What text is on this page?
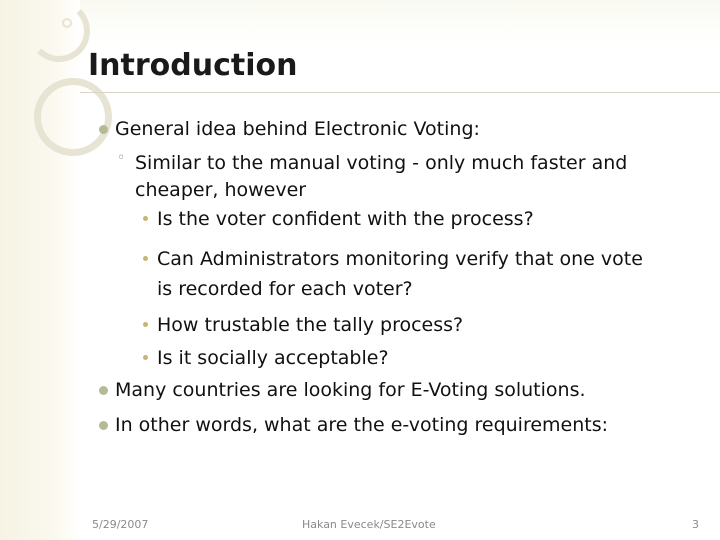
Introduction
General idea behind Electronic Voting:
◦ Similar to the manual voting - only much faster and
cheaper, however
Is the voter confident with the process?
Can Administrators monitoring verify that one vote
is recorded for each voter?
How trustable the tally process?
Is it socially acceptable?
Many countries are looking for E-Voting solutions.
In other words, what are the e-voting requirements:
5/29/2007	Hakan Evecek/SE2Evote	3
